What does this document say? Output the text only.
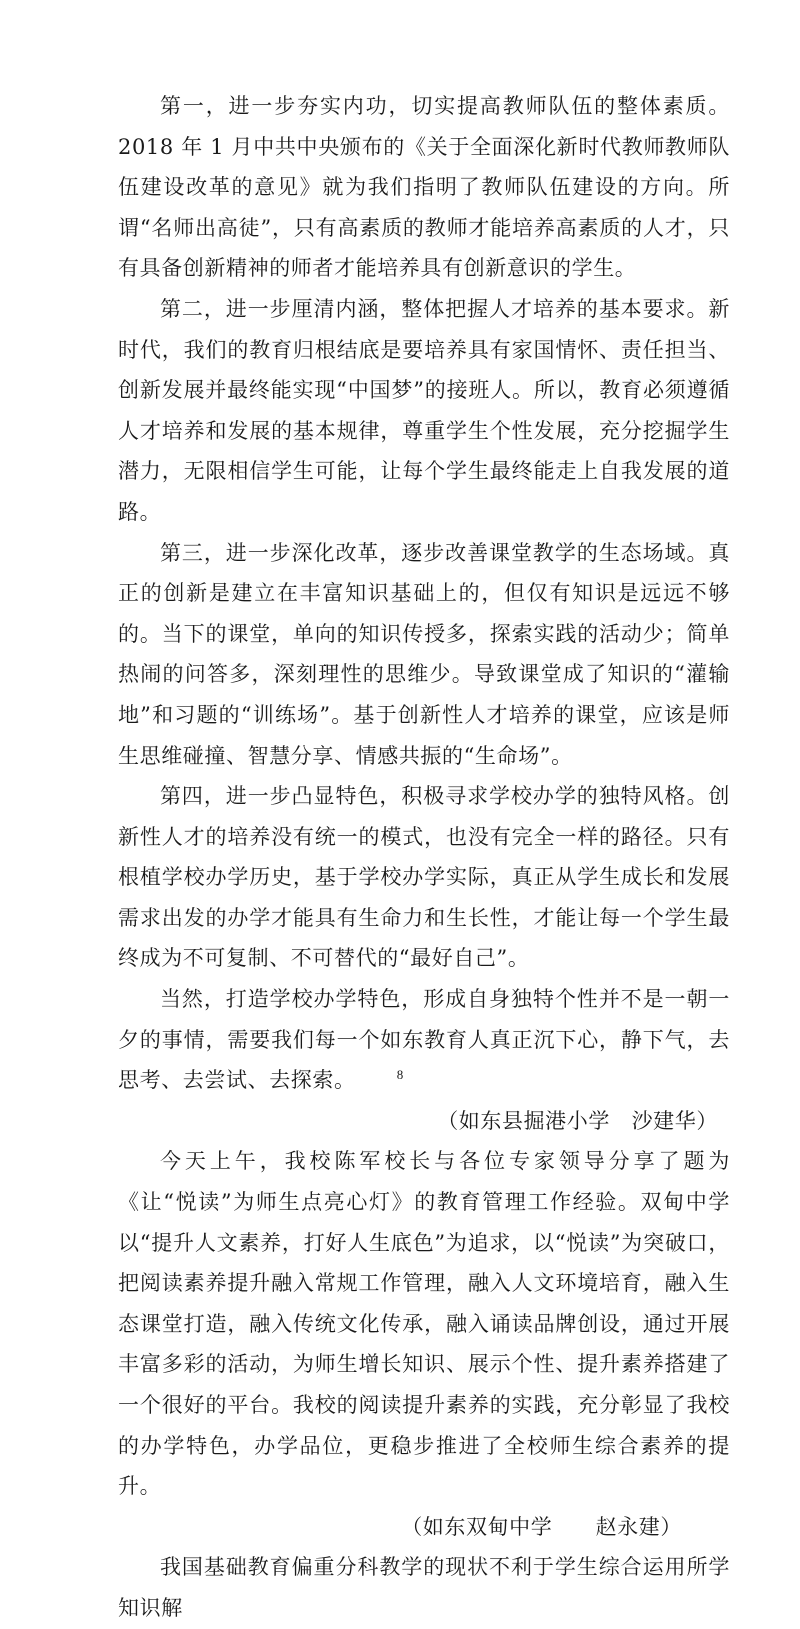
第一，进一步夯实内功，切实提高教师队伍的整体素质。2018 年 1 月中共中央颁布的《关于全面深化新时代教师教师队伍建设改革的意见》就为我们指明了教师队伍建设的方向。所谓“名师出高徒”，只有高素质的教师才能培养高素质的人才，只有具备创新精神的师者才能培养具有创新意识的学生。

第二，进一步厘清内涵，整体把握人才培养的基本要求。新时代，我们的教育归根结底是要培养具有家国情怀、责任担当、创新发展并最终能实现“中国梦”的接班人。所以，教育必须遵循人才培养和发展的基本规律，尊重学生个性发展，充分挖掘学生潜力，无限相信学生可能，让每个学生最终能走上自我发展的道路。

第三，进一步深化改革，逐步改善课堂教学的生态场域。真正的创新是建立在丰富知识基础上的，但仅有知识是远远不够的。当下的课堂，单向的知识传授多，探索实践的活动少；简单热闹的问答多，深刻理性的思维少。导致课堂成了知识的“灌输地”和习题的“训练场”。基于创新性人才培养的课堂，应该是师生思维碰撞、智慧分享、情感共振的“生命场”。

第四，进一步凸显特色，积极寻求学校办学的独特风格。创新性人才的培养没有统一的模式，也没有完全一样的路径。只有根植学校办学历史，基于学校办学实际，真正从学生成长和发展需求出发的办学才能具有生命力和生长性，才能让每一个学生最终成为不可复制、不可替代的“最好自己”。

当然，打造学校办学特色，形成自身独特个性并不是一朝一夕的事情，需要我们每一个如东教育人真正沉下心，静下气，去思考、去尝试、去探索。

（如东县掘港小学　沙建华）

今天上午，我校陈军校长与各位专家领导分享了题为《让“悦读”为师生点亮心灯》的教育管理工作经验。双甸中学以“提升人文素养，打好人生底色”为追求，以“悦读”为突破口，把阅读素养提升融入常规工作管理，融入人文环境培育，融入生态课堂打造，融入传统文化传承，融入诵读品牌创设，通过开展丰富多彩的活动，为师生增长知识、展示个性、提升素养搭建了一个很好的平台。我校的阅读提升素养的实践，充分彰显了我校的办学特色，办学品位，更稳步推进了全校师生综合素养的提升。

（如东双甸中学　　赵永建）

我国基础教育偏重分科教学的现状不利于学生综合运用所学知识解

8
